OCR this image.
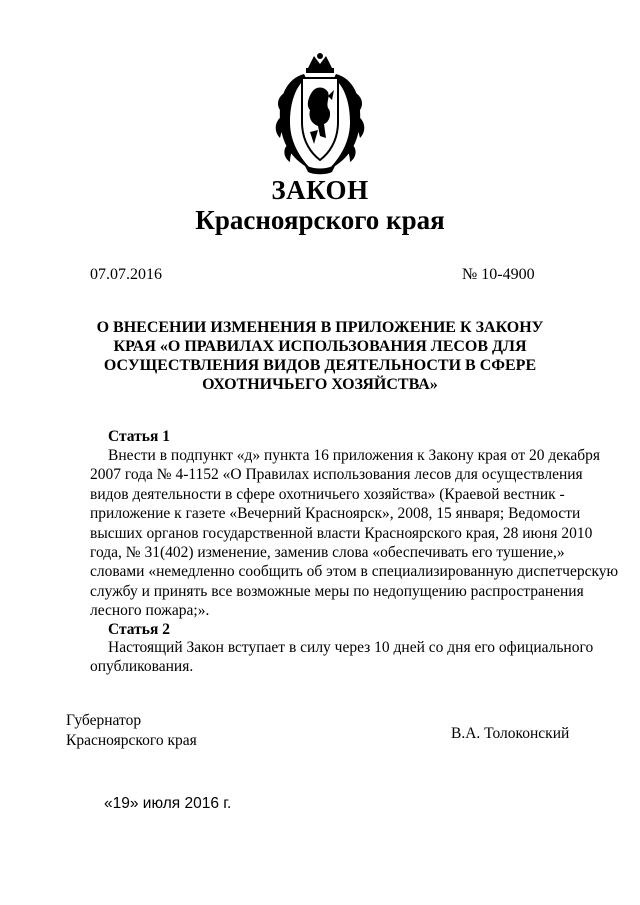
ЗАКОН
Красноярского края
07.07.2016	№ 10-4900
О ВНЕСЕНИИ ИЗМЕНЕНИЯ В ПРИЛОЖЕНИЕ К ЗАКОНУ
КРАЯ «О ПРАВИЛАХ ИСПОЛЬЗОВАНИЯ ЛЕСОВ ДЛЯ
ОСУЩЕСТВЛЕНИЯ ВИДОВ ДЕЯТЕЛЬНОСТИ В СФЕРЕ
ОХОТНИЧЬЕГО ХОЗЯЙСТВА»
Статья 1
Внести в подпункт «д» пункта 16 приложения к Закону края от 20 декабря
2007 года № 4-1152 «О Правилах использования лесов для осуществления
видов деятельности в сфере охотничьего хозяйства» (Краевой вестник -
приложение к газете «Вечерний Красноярск», 2008, 15 января; Ведомости
высших органов государственной власти Красноярского края, 28 июня 2010
года, № 31(402) изменение, заменив слова «обеспечивать его тушение,»
словами «немедленно сообщить об этом в специализированную диспетчерскую
службу и принять все возможные меры по недопущению распространения
лесного пожара;».
Статья 2
Настоящий Закон вступает в силу через 10 дней со дня его официального
опубликования.
Губернатор
Красноярского края	В.А. Толоконский
«19» июля 2016 г.
